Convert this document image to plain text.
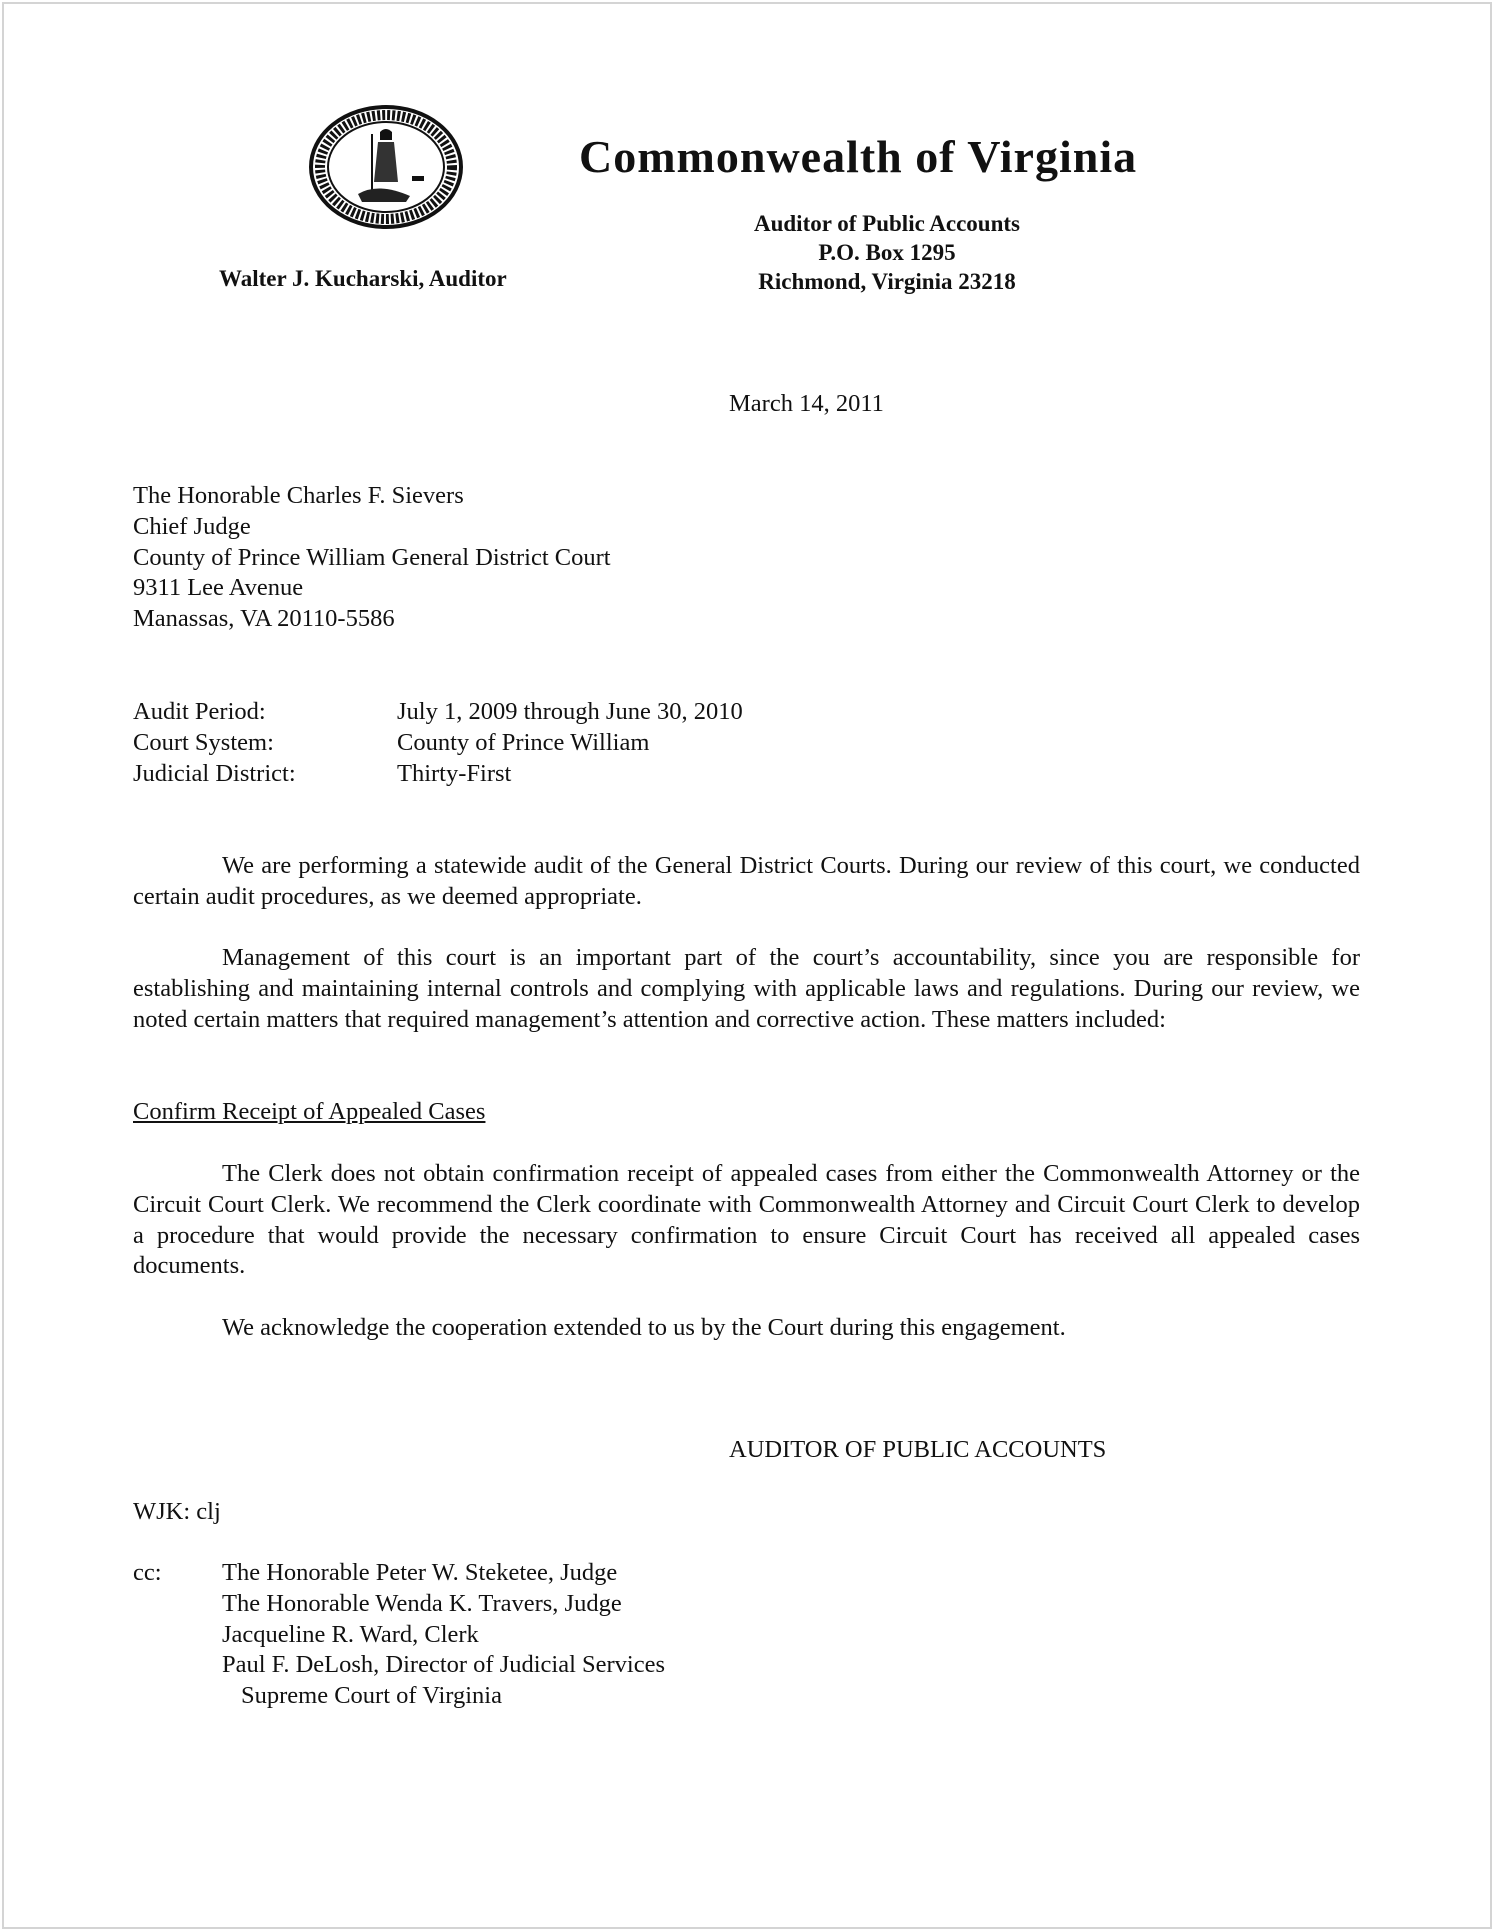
Commonwealth of Virginia
Walter J. Kucharski, Auditor
Auditor of Public Accounts
P.O. Box 1295
Richmond, Virginia 23218
March 14, 2011
The Honorable Charles F. Sievers
Chief Judge
County of Prince William General District Court
9311 Lee Avenue
Manassas, VA 20110-5586
Audit Period:	July 1, 2009 through June 30, 2010
Court System:	County of Prince William
Judicial District:	Thirty-First
We are performing a statewide audit of the General District Courts. During our review of this court, we conducted certain audit procedures, as we deemed appropriate.
Management of this court is an important part of the court’s accountability, since you are responsible for establishing and maintaining internal controls and complying with applicable laws and regulations. During our review, we noted certain matters that required management’s attention and corrective action. These matters included:
Confirm Receipt of Appealed Cases
The Clerk does not obtain confirmation receipt of appealed cases from either the Commonwealth Attorney or the Circuit Court Clerk. We recommend the Clerk coordinate with Commonwealth Attorney and Circuit Court Clerk to develop a procedure that would provide the necessary confirmation to ensure Circuit Court has received all appealed cases documents.
We acknowledge the cooperation extended to us by the Court during this engagement.
AUDITOR OF PUBLIC ACCOUNTS
WJK: clj
cc: The Honorable Peter W. Steketee, Judge
The Honorable Wenda K. Travers, Judge
Jacqueline R. Ward, Clerk
Paul F. DeLosh, Director of Judicial Services
Supreme Court of Virginia
